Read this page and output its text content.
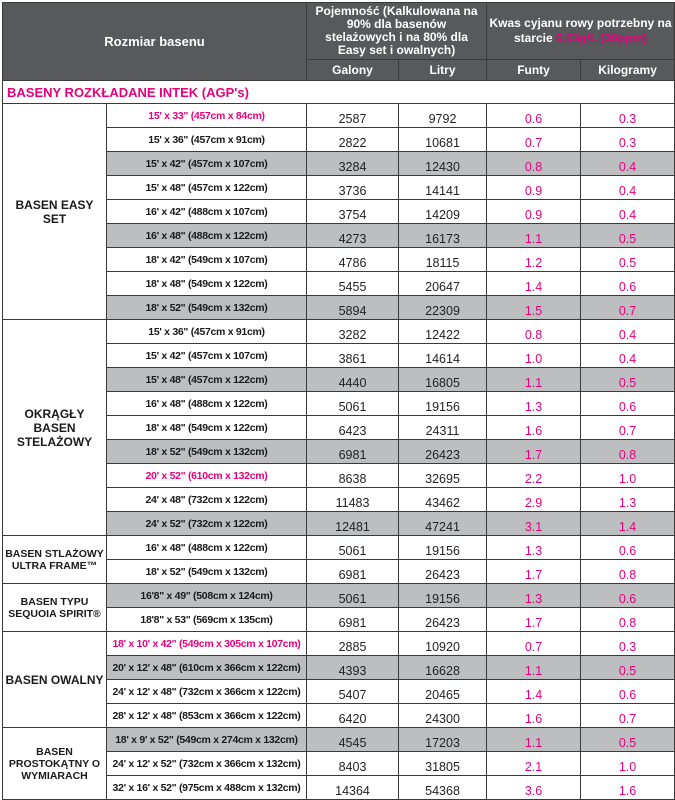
Rozmiar basenu		Pojemność (Kalkulowana na 90% dla basenów stelażowych i na 80% dla Easy set i owalnych)		Kwas cyjanu rowy potrzebny na starcie 0.03g/L (30ppm)	
		Galony	Litry	Funty	Kilogramy
BASENY ROZKŁADANE INTEK (AGP's)					
BASEN EASY SET	15' x 33" (457cm x 84cm)	2587	9792	0.6	0.3
	15' x 36" (457cm x 91cm)	2822	10681	0.7	0.3
	15' x 42" (457cm x 107cm)	3284	12430	0.8	0.4
	15' x 48" (457cm x 122cm)	3736	14141	0.9	0.4
	16' x 42" (488cm x 107cm)	3754	14209	0.9	0.4
	16' x 48" (488cm x 122cm)	4273	16173	1.1	0.5
	18' x 42" (549cm x 107cm)	4786	18115	1.2	0.5
	18' x 48" (549cm x 122cm)	5455	20647	1.4	0.6
	18' x 52" (549cm x 132cm)	5894	22309	1.5	0.7
OKRĄGŁY BASEN STELAŻOWY	15' x 36" (457cm x 91cm)	3282	12422	0.8	0.4
	15' x 42" (457cm x 107cm)	3861	14614	1.0	0.4
	15' x 48" (457cm x 122cm)	4440	16805	1.1	0.5
	16' x 48" (488cm x 122cm)	5061	19156	1.3	0.6
	18' x 48" (549cm x 122cm)	6423	24311	1.6	0.7
	18' x 52" (549cm x 132cm)	6981	26423	1.7	0.8
	20' x 52" (610cm x 132cm)	8638	32695	2.2	1.0
	24' x 48" (732cm x 122cm)	11483	43462	2.9	1.3
	24' x 52" (732cm x 122cm)	12481	47241	3.1	1.4
BASEN STLAŻOWY ULTRA FRAME™	16' x 48" (488cm x 122cm)	5061	19156	1.3	0.6
	18' x 52" (549cm x 132cm)	6981	26423	1.7	0.8
BASEN TYPU SEQUOIA SPIRIT®	16'8" x 49" (508cm x 124cm)	5061	19156	1.3	0.6
	18'8" x 53" (569cm x 135cm)	6981	26423	1.7	0.8
BASEN OWALNY	18' x 10' x 42" (549cm x 305cm x 107cm)	2885	10920	0.7	0.3
	20' x 12' x 48" (610cm x 366cm x 122cm)	4393	16628	1.1	0.5
	24' x 12' x 48" (732cm x 366cm x 122cm)	5407	20465	1.4	0.6
	28' x 12' x 48" (853cm x 366cm x 122cm)	6420	24300	1.6	0.7
BASEN PROSTOKĄTNY O WYMIARACH	18' x 9' x 52" (549cm x 274cm x 132cm)	4545	17203	1.1	0.5
	24' x 12' x 52" (732cm x 366cm x 132cm)	8403	31805	2.1	1.0
	32' x 16' x 52" (975cm x 488cm x 132cm)	14364	54368	3.6	1.6
